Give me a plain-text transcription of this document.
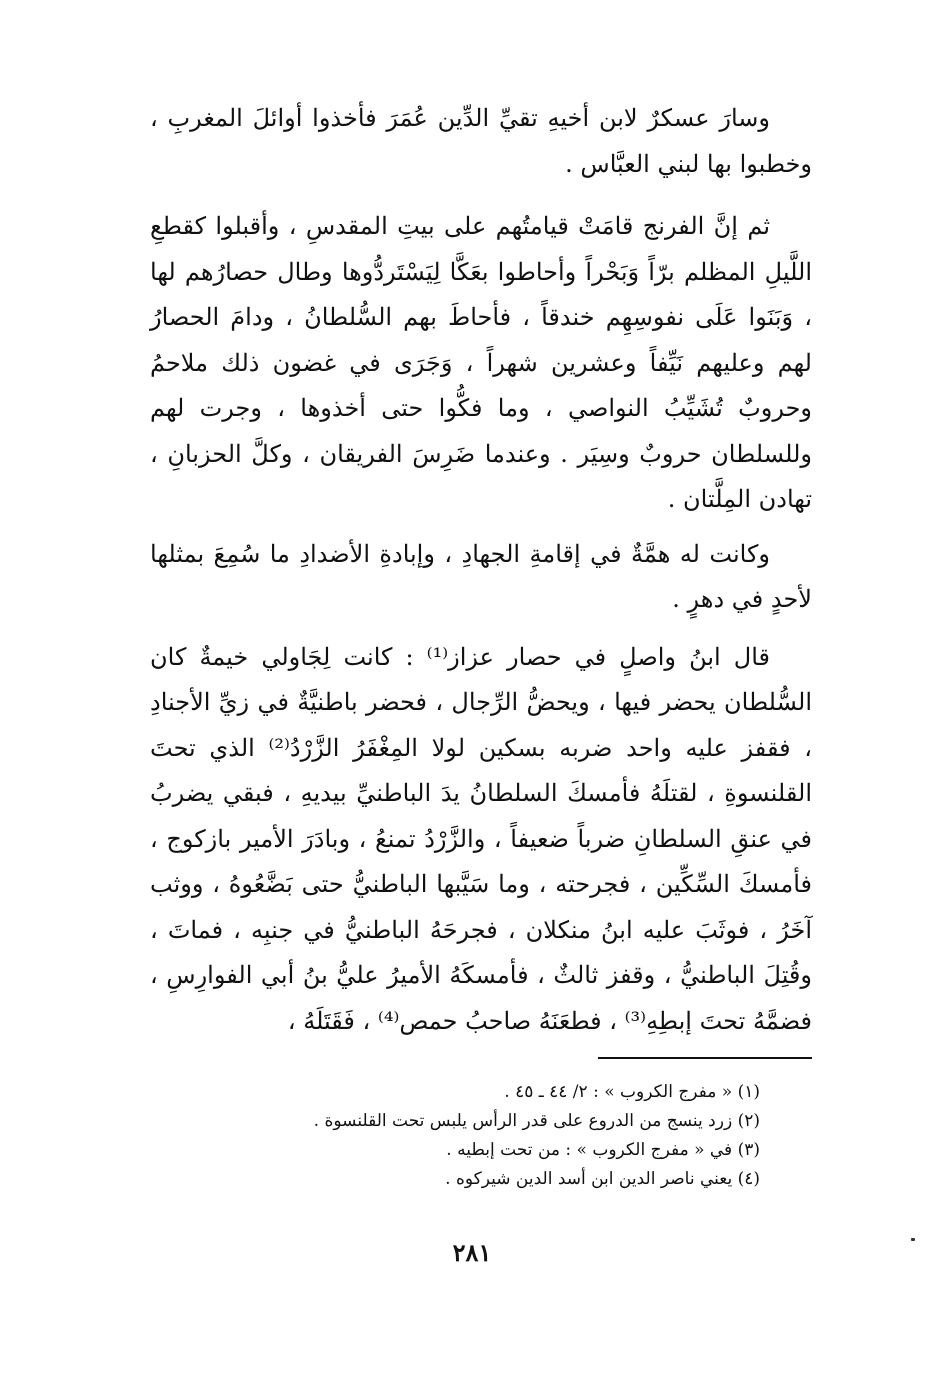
وسارَ عسكرٌ لابن أخيهِ تقيِّ الدِّين عُمَرَ فأخذوا أوائلَ المغربِ ، وخطبوا بها لبني العبَّاس .

ثم إنَّ الفرنج قامَتْ قيامتُهم على بيتِ المقدسِ ، وأقبلوا كقطعِ اللَّيلِ المظلم برّاً وَبَحْراً وأحاطوا بعَكَّا لِيَسْتَردُّوها وطال حصارُهم لها ، وَبَنَوا عَلَى نفوسِهِم خندقاً ، فأحاطَ بهم السُّلطانُ ، ودامَ الحصارُ لهم وعليهم نَيِّفاً وعشرين شهراً ، وَجَرَى في غضون ذلك ملاحمُ وحروبٌ تُشَيِّبُ النواصي ، وما فكُّوا حتى أخذوها ، وجرت لهم وللسلطان حروبٌ وسِيَر . وعندما ضَرِسَ الفريقان ، وكلَّ الحزبانِ ، تهادن المِلَّتان .

وكانت له همَّةٌ في إقامةِ الجهادِ ، وإبادةِ الأضدادِ ما سُمِعَ بمثلها لأحدٍ في دهرٍ .

قال ابنُ واصلٍ في حصار عزاز⁽¹⁾ : كانت لِجَاولي خيمةٌ كان السُّلطان يحضر فيها ، ويحضُّ الرِّجال ، فحضر باطنيَّةٌ في زيِّ الأجنادِ ، فقفز عليه واحد ضربه بسكين لولا المِغْفَرُ الزَّرْدُ⁽²⁾ الذي تحتَ القلنسوةِ ، لقتلَهُ فأمسكَ السلطانُ يدَ الباطنيِّ بيديهِ ، فبقي يضربُ في عنقِ السلطانِ ضرباً ضعيفاً ، والزَّرْدُ تمنعُ ، وبادَرَ الأمير بازكوج ، فأمسكَ السِّكِّين ، فجرحته ، وما سَيَّبها الباطنيُّ حتى بَضَّعُوهُ ، ووثب آخَرُ ، فوثَبَ عليه ابنُ منكلان ، فجرحَهُ الباطنيُّ في جنبِه ، فماتَ ، وقُتِلَ الباطنيُّ ، وقفز ثالثٌ ، فأمسكَهُ الأميرُ عليُّ بنُ أبي الفوارِسِ ، فضمَّهُ تحتَ إبطِهِ⁽³⁾ ، فطعَنَهُ صاحبُ حمص⁽⁴⁾ ، فَقَتَلَهُ ،

(١) « مفرج الكروب » : ٢/ ٤٤ ـ ٤٥ .

(٢) زرد ينسج من الدروع على قدر الرأس يلبس تحت القلنسوة .

(٣) في « مفرج الكروب » : من تحت إبطيه .

(٤) يعني ناصر الدين ابن أسد الدين شيركوه .

٢٨١
